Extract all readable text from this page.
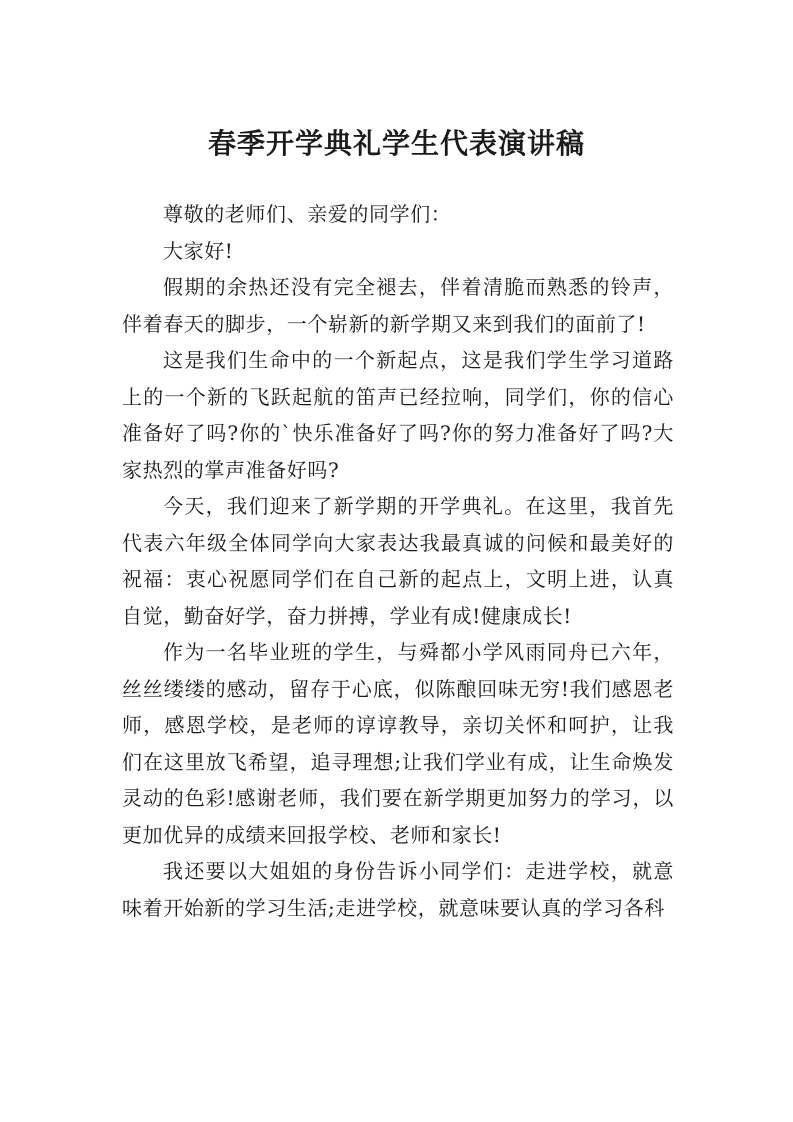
春季开学典礼学生代表演讲稿

尊敬的老师们、亲爱的同学们：

大家好!

假期的余热还没有完全褪去，伴着清脆而熟悉的铃声，伴着春天的脚步，一个崭新的新学期又来到我们的面前了!

这是我们生命中的一个新起点，这是我们学生学习道路上的一个新的飞跃起航的笛声已经拉响，同学们，你的信心准备好了吗?你的`快乐准备好了吗?你的努力准备好了吗?大家热烈的掌声准备好吗?

今天，我们迎来了新学期的开学典礼。在这里，我首先代表六年级全体同学向大家表达我最真诚的问候和最美好的祝福：衷心祝愿同学们在自己新的起点上，文明上进，认真自觉，勤奋好学，奋力拼搏，学业有成!健康成长!

作为一名毕业班的学生，与舜都小学风雨同舟已六年，丝丝缕缕的感动，留存于心底，似陈酿回味无穷!我们感恩老师，感恩学校，是老师的谆谆教导，亲切关怀和呵护，让我们在这里放飞希望，追寻理想;让我们学业有成，让生命焕发灵动的色彩!感谢老师，我们要在新学期更加努力的学习，以更加优异的成绩来回报学校、老师和家长!

我还要以大姐姐的身份告诉小同学们：走进学校，就意味着开始新的学习生活;走进学校，就意味要认真的学习各科
